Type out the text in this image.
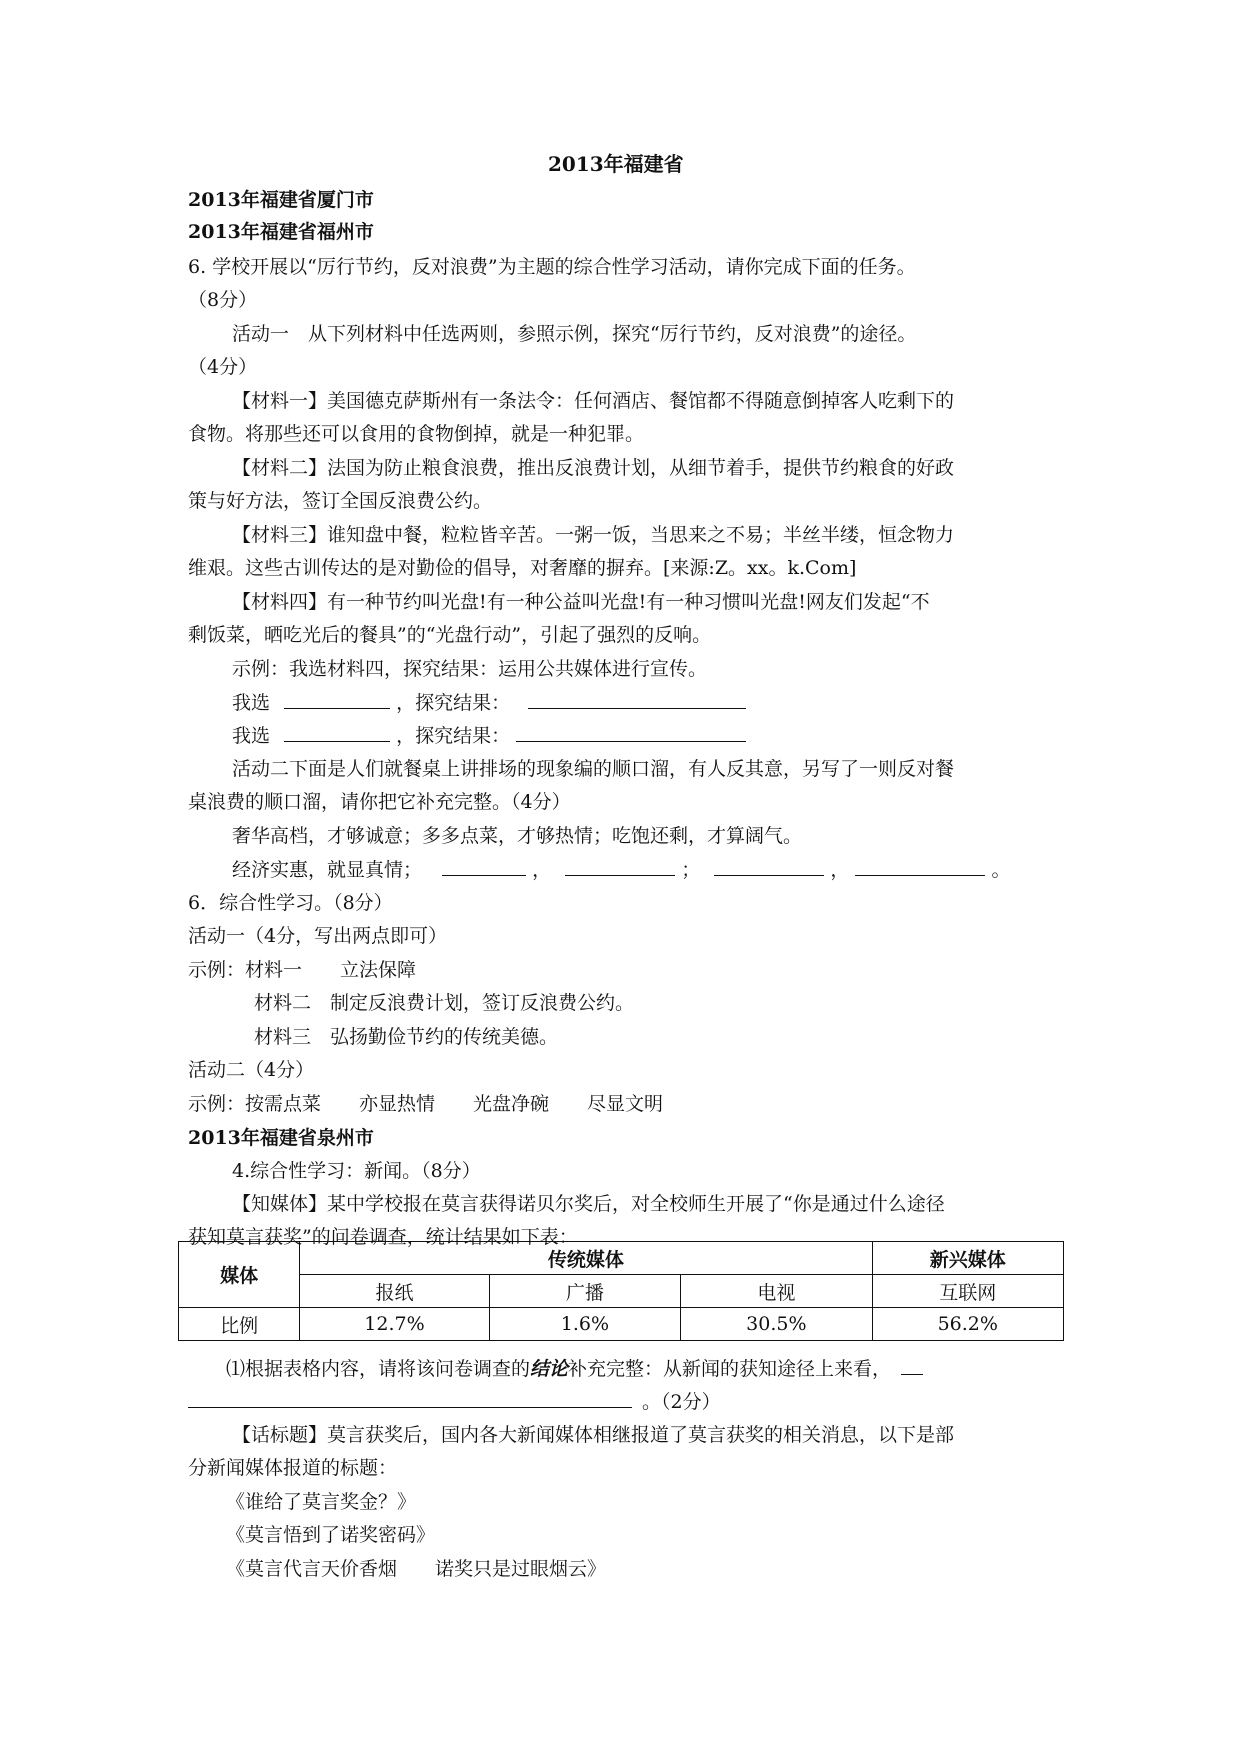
2013年福建省
2013年福建省厦门市
2013年福建省福州市
6. 学校开展以“厉行节约，反对浪费”为主题的综合性学习活动，请你完成下面的任务。
（8分）
活动一　从下列材料中任选两则，参照示例，探究“厉行节约，反对浪费”的途径。
（4分）
【材料一】美国德克萨斯州有一条法令：任何酒店、餐馆都不得随意倒掉客人吃剩下的
食物。将那些还可以食用的食物倒掉，就是一种犯罪。
【材料二】法国为防止粮食浪费，推出反浪费计划，从细节着手，提供节约粮食的好政
策与好方法，签订全国反浪费公约。
【材料三】谁知盘中餐，粒粒皆辛苦。一粥一饭，当思来之不易；半丝半缕，恒念物力
维艰。这些古训传达的是对勤俭的倡导，对奢靡的摒弃。[来源:Z。xx。k.Com]
【材料四】有一种节约叫光盘!有一种公益叫光盘!有一种习惯叫光盘!网友们发起“不
剩饭菜，晒吃光后的餐具”的“光盘行动”，引起了强烈的反响。
示例：我选材料四，探究结果：运用公共媒体进行宣传。
我选	，探究结果：
我选	，探究结果：
活动二下面是人们就餐桌上讲排场的现象编的顺口溜，有人反其意，另写了一则反对餐
桌浪费的顺口溜，请你把它补充完整。（4分）
奢华高档，才够诚意；多多点菜，才够热情；吃饱还剩，才算阔气。
经济实惠，就显真情；	，	；	，	。
6．综合性学习。（8分）
活动一（4分，写出两点即可）
示例：材料一　　立法保障
材料二　制定反浪费计划，签订反浪费公约。
材料三　弘扬勤俭节约的传统美德。
活动二（4分）
示例：按需点菜　　亦显热情　　光盘净碗　　尽显文明
2013年福建省泉州市
4.综合性学习：新闻。（8分）
【知媒体】某中学校报在莫言获得诺贝尔奖后，对全校师生开展了“你是通过什么途径
获知莫言获奖”的问卷调查，统计结果如下表：
媒体	传统媒体			新兴媒体
	报纸	广播	电视	互联网
比例	12.7%	1.6%	30.5%	56.2%
⑴根据表格内容，请将该问卷调查的结论补充完整：从新闻的获知途径上来看，
。（2分）
【话标题】莫言获奖后，国内各大新闻媒体相继报道了莫言获奖的相关消息，以下是部
分新闻媒体报道的标题：
《谁给了莫言奖金？》
《莫言悟到了诺奖密码》
《莫言代言天价香烟　　诺奖只是过眼烟云》
